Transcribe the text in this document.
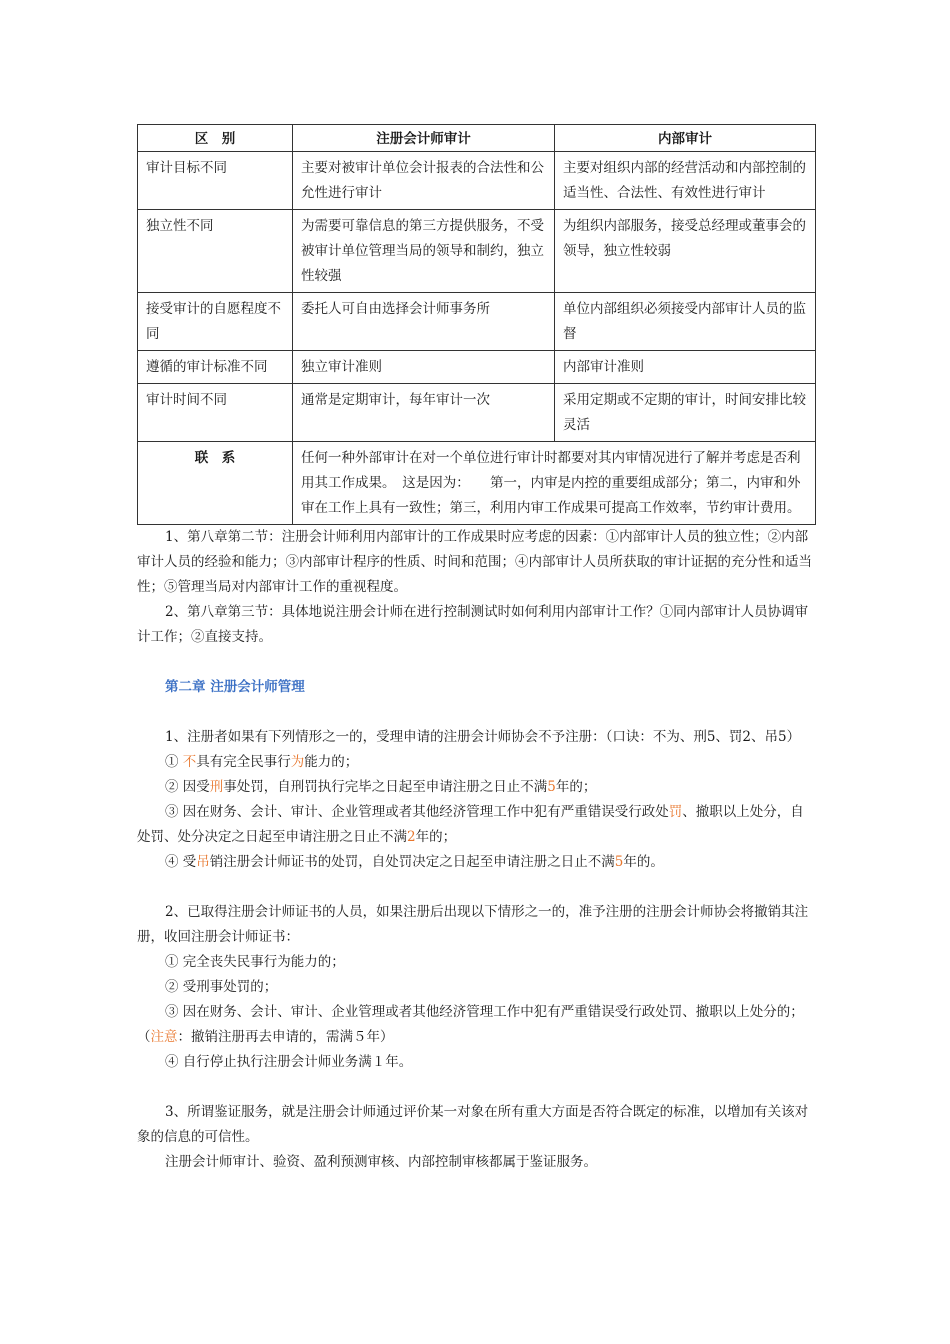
区　别	注册会计师审计	内部审计
审计目标不同	主要对被审计单位会计报表的合法性和公允性进行审计	主要对组织内部的经营活动和内部控制的适当性、合法性、有效性进行审计
独立性不同	为需要可靠信息的第三方提供服务，不受被审计单位管理当局的领导和制约，独立性较强	为组织内部服务，接受总经理或董事会的领导，独立性较弱
接受审计的自愿程度不同	委托人可自由选择会计师事务所	单位内部组织必须接受内部审计人员的监督
遵循的审计标准不同	独立审计准则	内部审计准则
审计时间不同	通常是定期审计，每年审计一次	采用定期或不定期的审计，时间安排比较灵活
联　系	任何一种外部审计在对一个单位进行审计时都要对其内审情况进行了解并考虑是否利用其工作成果。　这是因为：　　第一，内审是内控的重要组成部分；第二，内审和外审在工作上具有一致性；第三，利用内审工作成果可提高工作效率，节约审计费用。	

1、第八章第二节：注册会计师利用内部审计的工作成果时应考虑的因素：①内部审计人员的独立性；②内部审计人员的经验和能力；③内部审计程序的性质、时间和范围；④内部审计人员所获取的审计证据的充分性和适当性；⑤管理当局对内部审计工作的重视程度。

2、第八章第三节：具体地说注册会计师在进行控制测试时如何利用内部审计工作？①同内部审计人员协调审计工作；②直接支持。

第二章 注册会计师管理

1、注册者如果有下列情形之一的，受理申请的注册会计师协会不予注册：（口诀：不为、刑5、罚2、吊5）

① 不具有完全民事行为能力的；

② 因受刑事处罚，自刑罚执行完毕之日起至申请注册之日止不满5年的；

③ 因在财务、会计、审计、企业管理或者其他经济管理工作中犯有严重错误受行政处罚、撤职以上处分，自处罚、处分决定之日起至申请注册之日止不满2年的；

④ 受吊销注册会计师证书的处罚，自处罚决定之日起至申请注册之日止不满5年的。

2、已取得注册会计师证书的人员，如果注册后出现以下情形之一的，准予注册的注册会计师协会将撤销其注册，收回注册会计师证书：

① 完全丧失民事行为能力的；

② 受刑事处罚的；

③ 因在财务、会计、审计、企业管理或者其他经济管理工作中犯有严重错误受行政处罚、撤职以上处分的；（注意：撤销注册再去申请的，需满５年）

④ 自行停止执行注册会计师业务满１年。

3、所谓鉴证服务，就是注册会计师通过评价某一对象在所有重大方面是否符合既定的标准，以增加有关该对象的信息的可信性。

注册会计师审计、验资、盈利预测审核、内部控制审核都属于鉴证服务。
